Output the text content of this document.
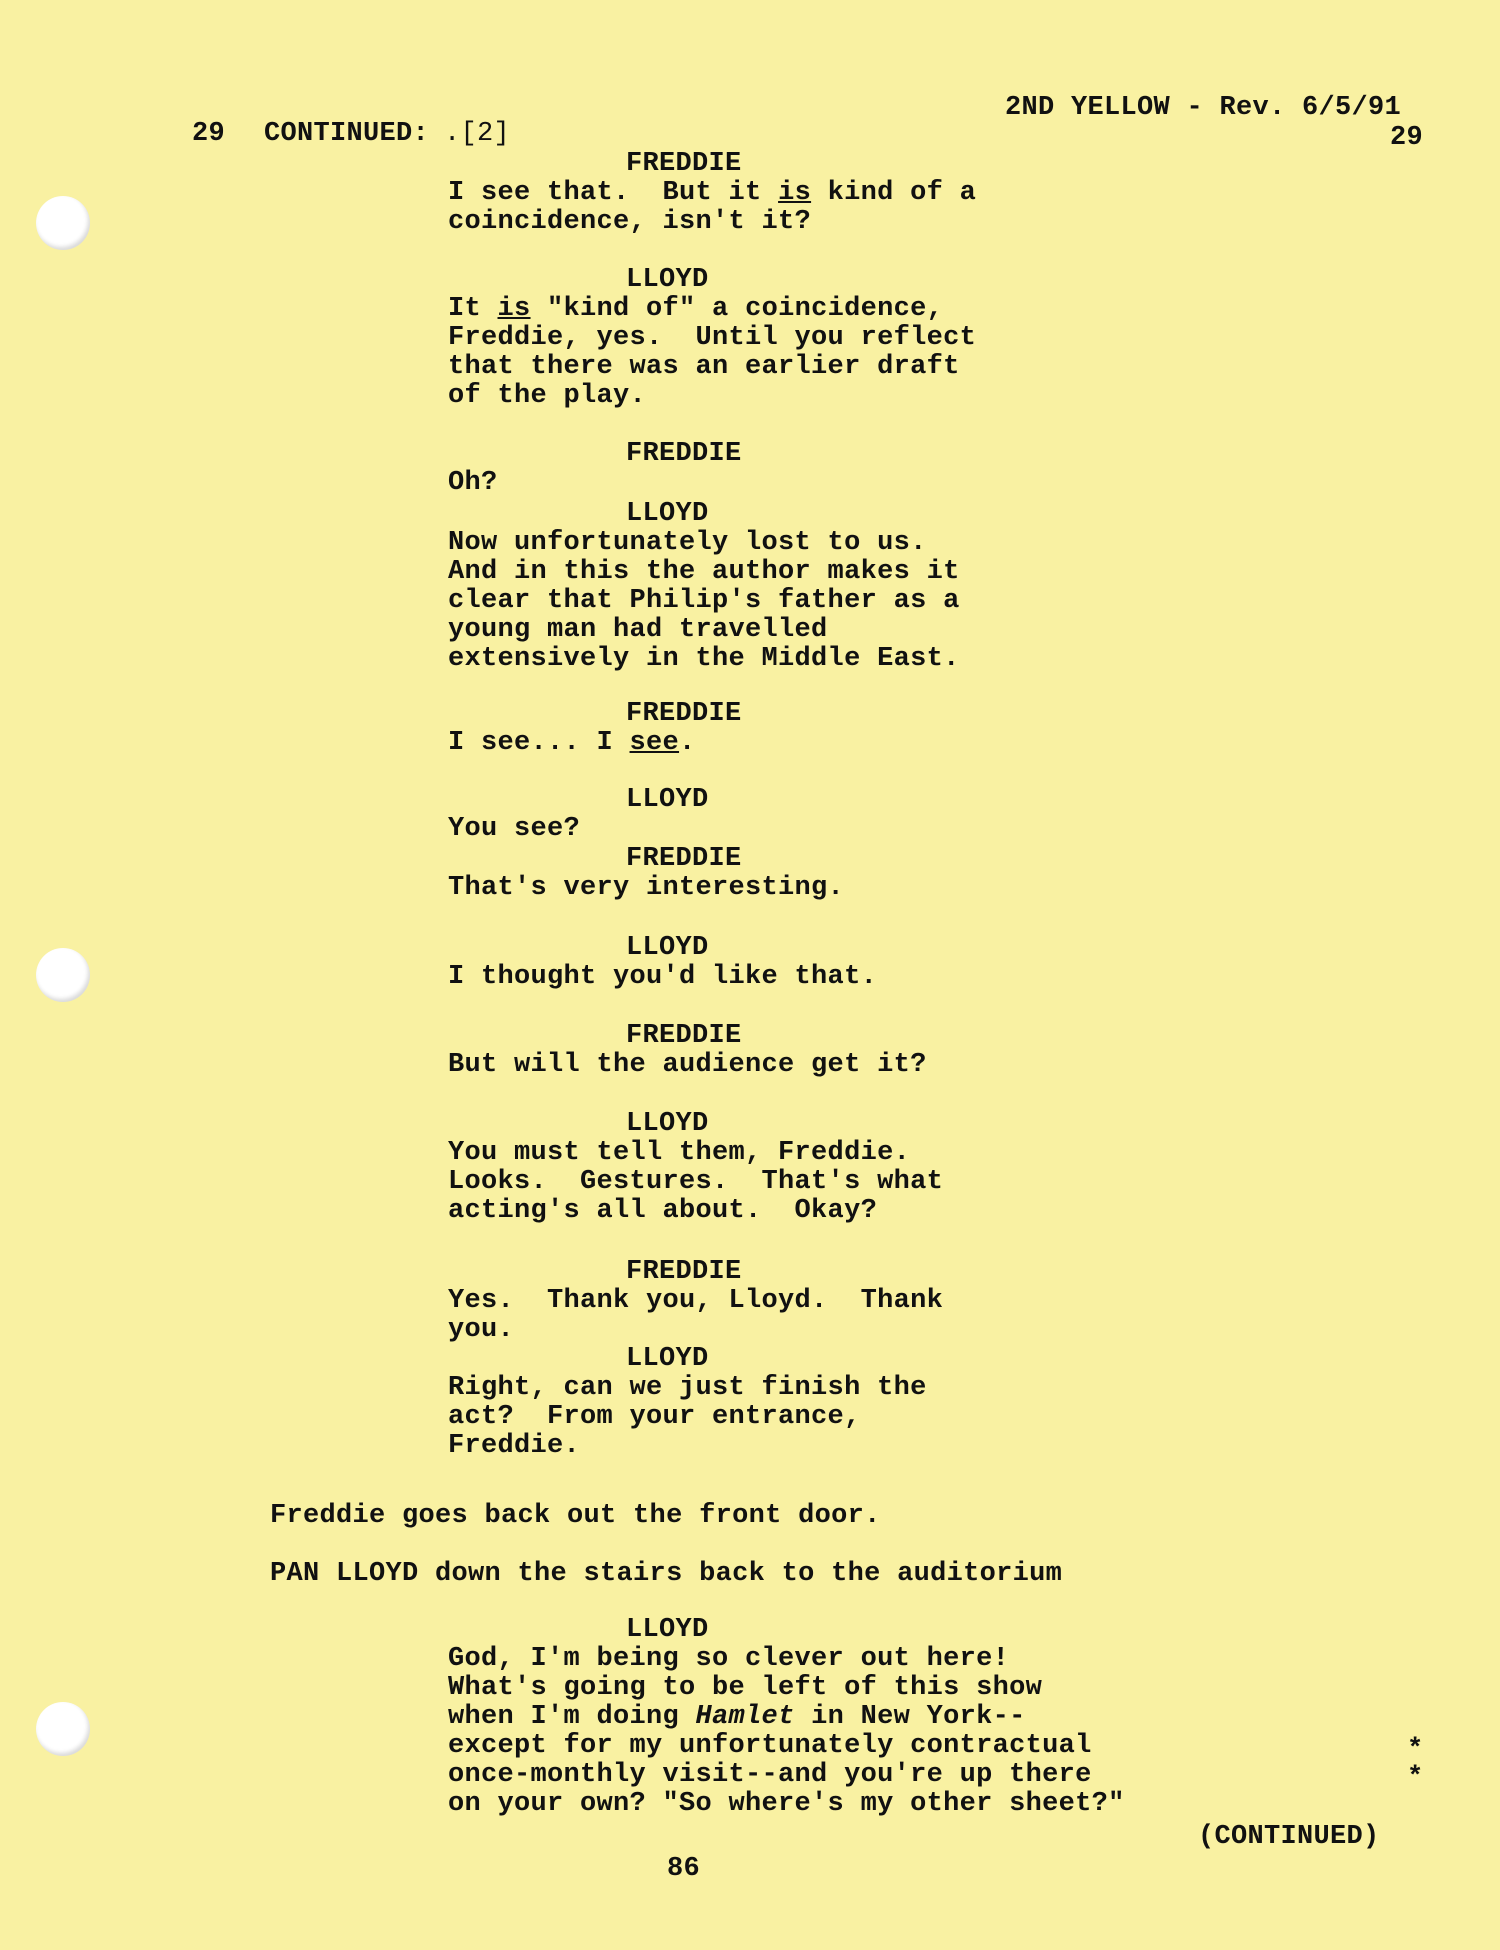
2ND YELLOW - Rev. 6/5/91
29 CONTINUED: .[2]	29
FREDDIE
I see that.  But it is kind of a
coincidence, isn't it?
LLOYD
It is "kind of" a coincidence,
Freddie, yes.  Until you reflect
that there was an earlier draft
of the play.
FREDDIE
Oh?
LLOYD
Now unfortunately lost to us.
And in this the author makes it
clear that Philip's father as a
young man had travelled
extensively in the Middle East.
FREDDIE
I see... I see.
LLOYD
You see?
FREDDIE
That's very interesting.
LLOYD
I thought you'd like that.
FREDDIE
But will the audience get it?
LLOYD
You must tell them, Freddie.
Looks.  Gestures.  That's what
acting's all about.  Okay?
FREDDIE
Yes.  Thank you, Lloyd.  Thank
you.
LLOYD
Right, can we just finish the
act?  From your entrance,
Freddie.
Freddie goes back out the front door.
PAN LLOYD down the stairs back to the auditorium
LLOYD
God, I'm being so clever out here!
What's going to be left of this show
when I'm doing Hamlet in New York--
except for my unfortunately contractual
once-monthly visit--and you're up there
on your own? "So where's my other sheet?"
*
*
(CONTINUED)
86
